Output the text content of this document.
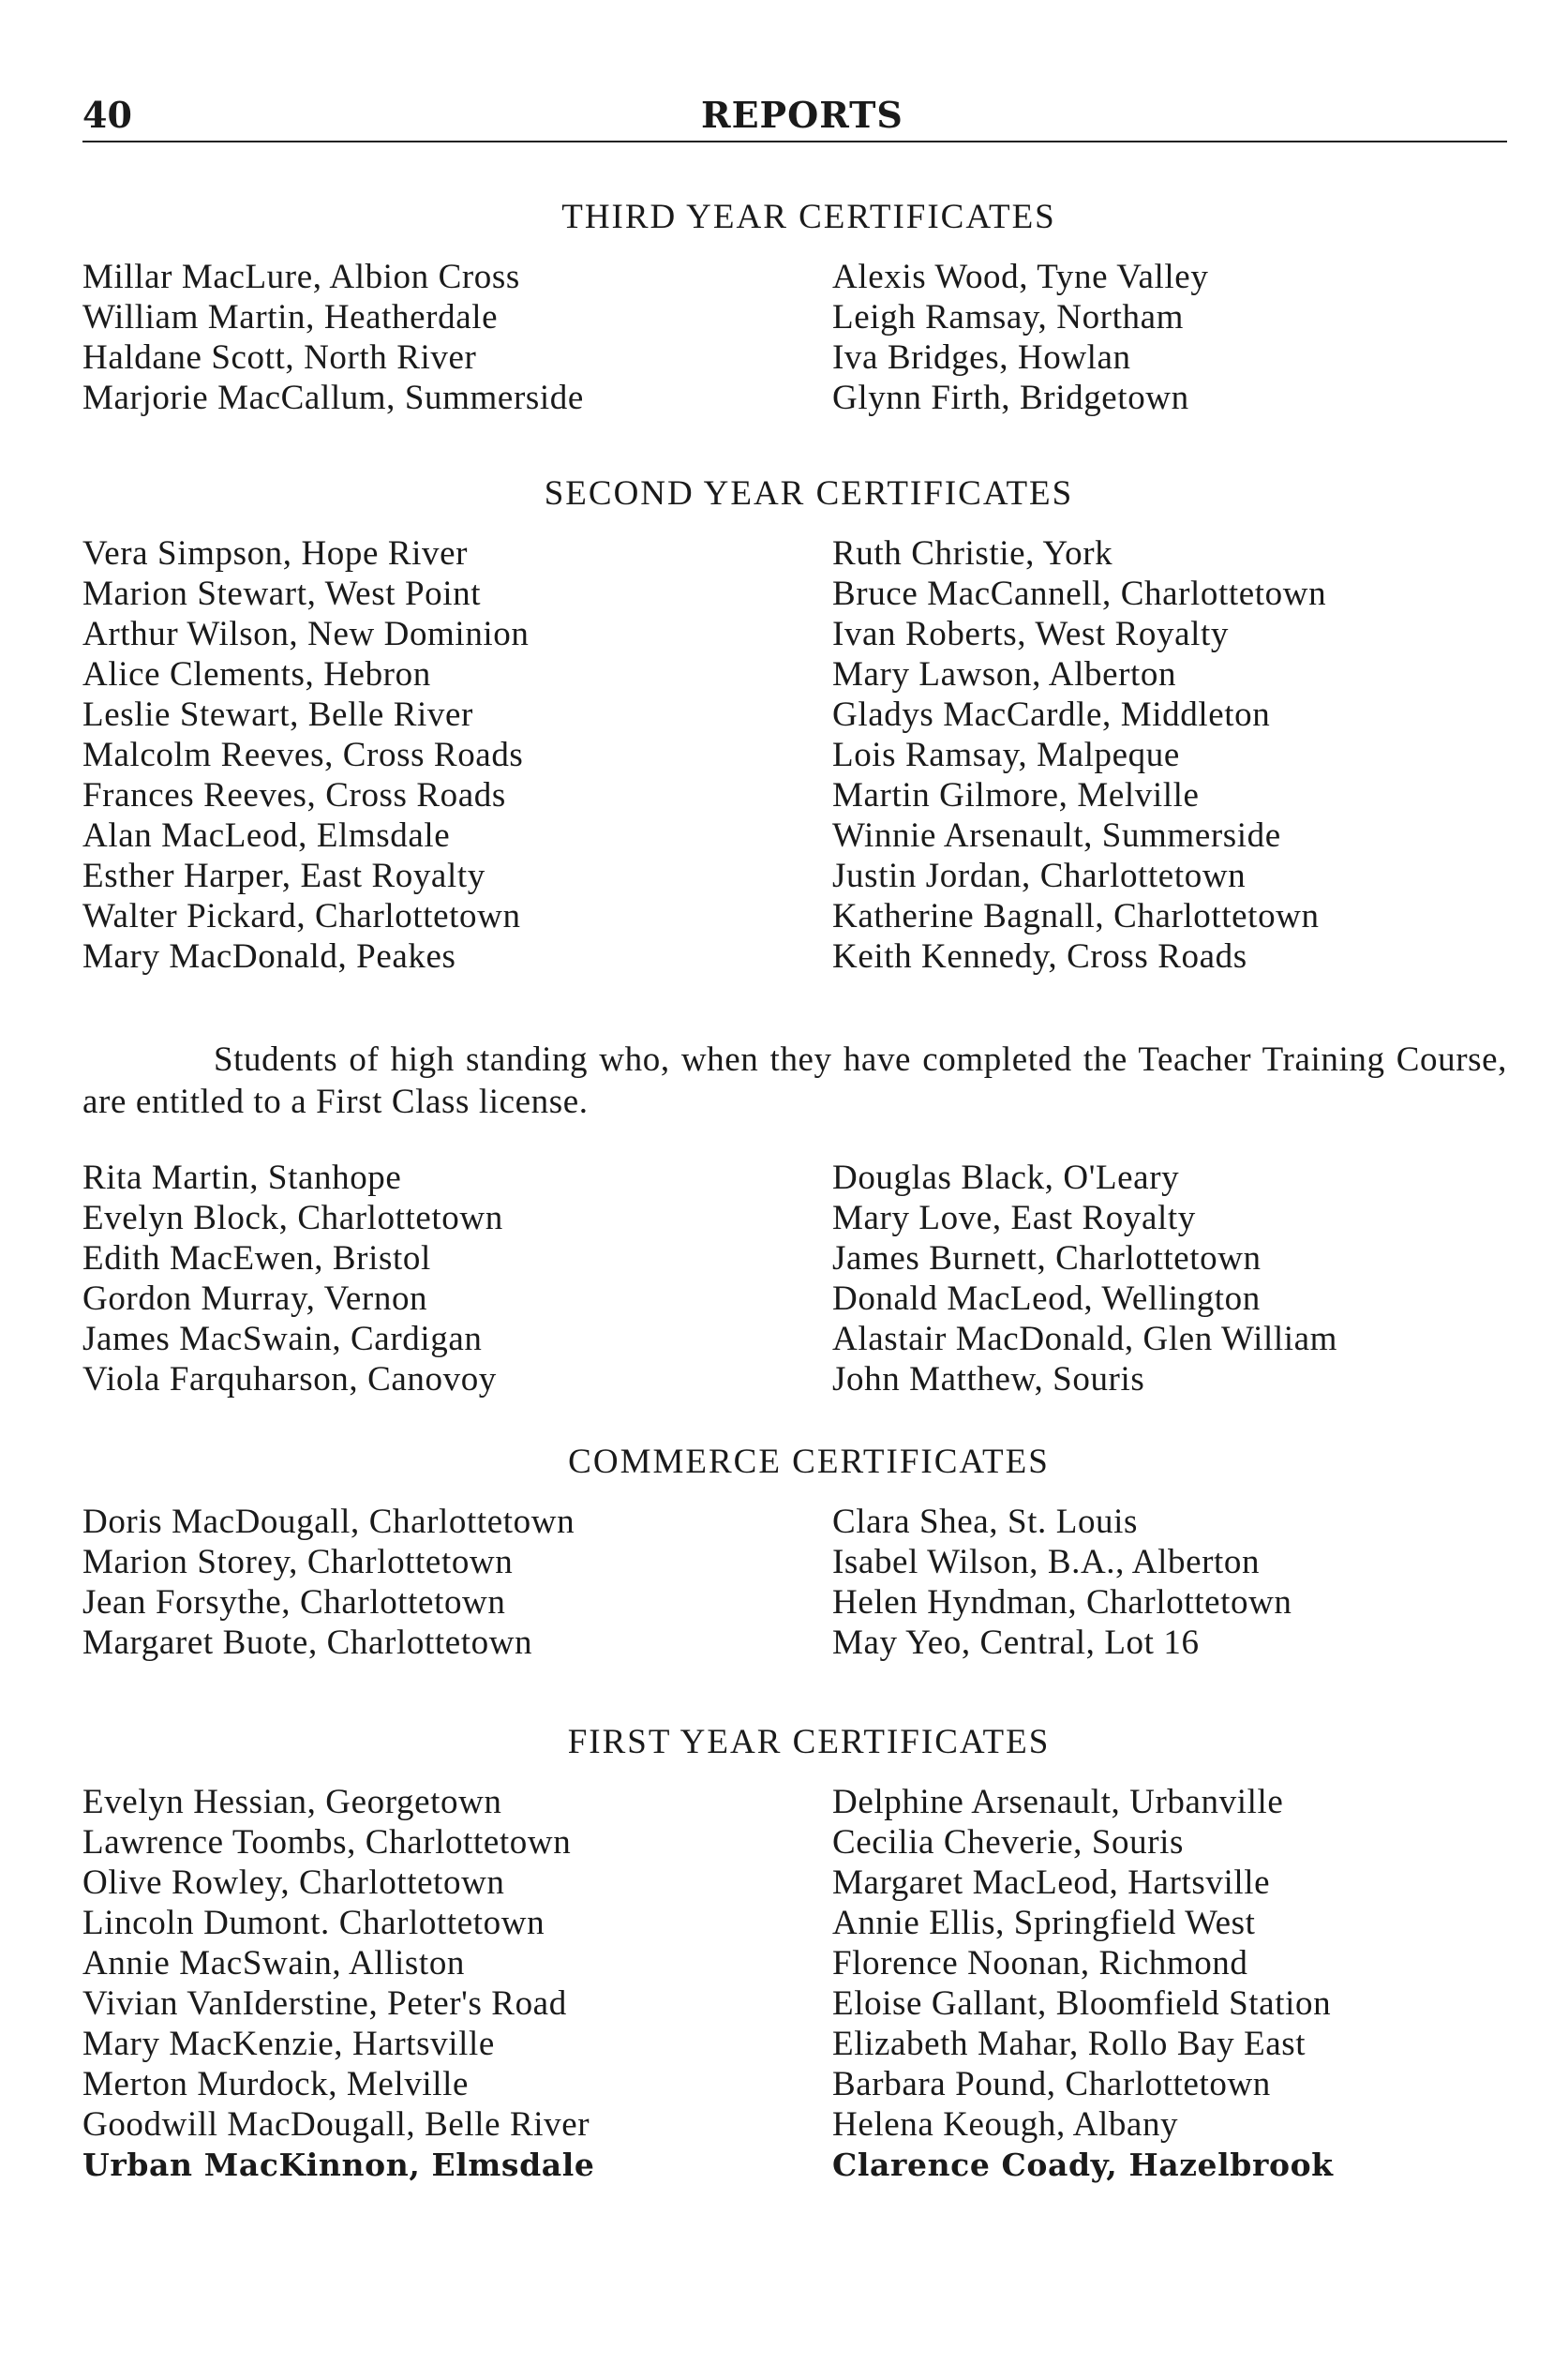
40	REPORTS
THIRD YEAR CERTIFICATES
Millar MacLure, Albion Cross
William Martin, Heatherdale
Haldane Scott, North River
Marjorie MacCallum, Summerside
Alexis Wood, Tyne Valley
Leigh Ramsay, Northam
Iva Bridges, Howlan
Glynn Firth, Bridgetown
SECOND YEAR CERTIFICATES
Vera Simpson, Hope River
Marion Stewart, West Point
Arthur Wilson, New Dominion
Alice Clements, Hebron
Leslie Stewart, Belle River
Malcolm Reeves, Cross Roads
Frances Reeves, Cross Roads
Alan MacLeod, Elmsdale
Esther Harper, East Royalty
Walter Pickard, Charlottetown
Mary MacDonald, Peakes
Ruth Christie, York
Bruce MacCannell, Charlottetown
Ivan Roberts, West Royalty
Mary Lawson, Alberton
Gladys MacCardle, Middleton
Lois Ramsay, Malpeque
Martin Gilmore, Melville
Winnie Arsenault, Summerside
Justin Jordan, Charlottetown
Katherine Bagnall, Charlottetown
Keith Kennedy, Cross Roads
Students of high standing who, when they have completed the Teacher Training Course, are entitled to a First Class license.
Rita Martin, Stanhope
Evelyn Block, Charlottetown
Edith MacEwen, Bristol
Gordon Murray, Vernon
James MacSwain, Cardigan
Viola Farquharson, Canovoy
Douglas Black, O'Leary
Mary Love, East Royalty
James Burnett, Charlottetown
Donald MacLeod, Wellington
Alastair MacDonald, Glen William
John Matthew, Souris
COMMERCE CERTIFICATES
Doris MacDougall, Charlottetown
Marion Storey, Charlottetown
Jean Forsythe, Charlottetown
Margaret Buote, Charlottetown
Clara Shea, St. Louis
Isabel Wilson, B.A., Alberton
Helen Hyndman, Charlottetown
May Yeo, Central, Lot 16
FIRST YEAR CERTIFICATES
Evelyn Hessian, Georgetown
Lawrence Toombs, Charlottetown
Olive Rowley, Charlottetown
Lincoln Dumont. Charlottetown
Annie MacSwain, Alliston
Vivian VanIderstine, Peter's Road
Mary MacKenzie, Hartsville
Merton Murdock, Melville
Goodwill MacDougall, Belle River
Urban MacKinnon, Elmsdale
Delphine Arsenault, Urbanville
Cecilia Cheverie, Souris
Margaret MacLeod, Hartsville
Annie Ellis, Springfield West
Florence Noonan, Richmond
Eloise Gallant, Bloomfield Station
Elizabeth Mahar, Rollo Bay East
Barbara Pound, Charlottetown
Helena Keough, Albany
Clarence Coady, Hazelbrook
